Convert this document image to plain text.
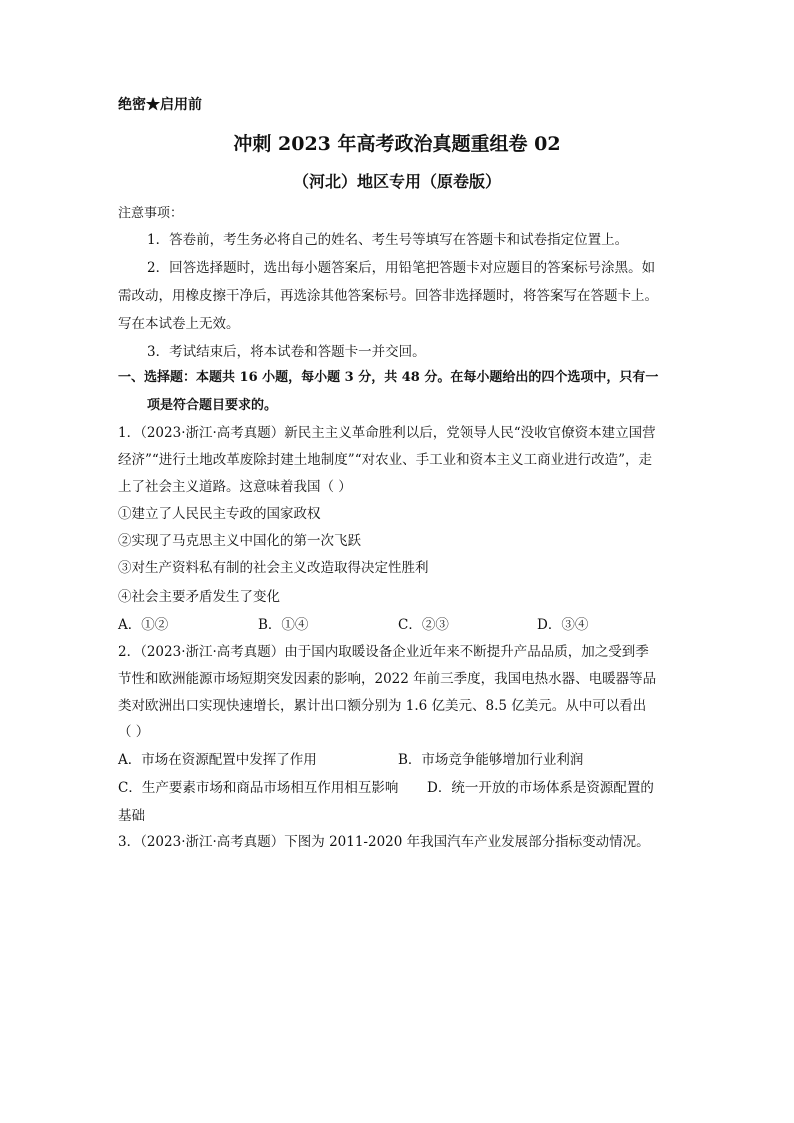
绝密★启用前
冲刺 2023 年高考政治真题重组卷 02
（河北）地区专用（原卷版）
注意事项：
1．答卷前，考生务必将自己的姓名、考生号等填写在答题卡和试卷指定位置上。
2．回答选择题时，选出每小题答案后，用铅笔把答题卡对应题目的答案标号涂黑。如
需改动，用橡皮擦干净后，再选涂其他答案标号。回答非选择题时，将答案写在答题卡上。
写在本试卷上无效。
3．考试结束后，将本试卷和答题卡一并交回。
一、选择题：本题共 16 小题，每小题 3 分，共 48 分。在每小题给出的四个选项中，只有一
项是符合题目要求的。
1．（2023·浙江·高考真题）新民主主义革命胜利以后，党领导人民“没收官僚资本建立国营
经济”“进行土地改革废除封建土地制度”“对农业、手工业和资本主义工商业进行改造”，走
上了社会主义道路。这意味着我国（ ）
①建立了人民民主专政的国家政权
②实现了马克思主义中国化的第一次飞跃
③对生产资料私有制的社会主义改造取得决定性胜利
④社会主要矛盾发生了变化
A．①②	B．①④	C．②③	D．③④
2．（2023·浙江·高考真题）由于国内取暖设备企业近年来不断提升产品品质，加之受到季
节性和欧洲能源市场短期突发因素的影响，2022 年前三季度，我国电热水器、电暖器等品
类对欧洲出口实现快速增长，累计出口额分别为 1.6 亿美元、8.5 亿美元。从中可以看出
（ ）
A．市场在资源配置中发挥了作用	B．市场竞争能够增加行业利润
C．生产要素市场和商品市场相互作用相互影响 D．统一开放的市场体系是资源配置的
基础
3．（2023·浙江·高考真题）下图为 2011-2020 年我国汽车产业发展部分指标变动情况。
